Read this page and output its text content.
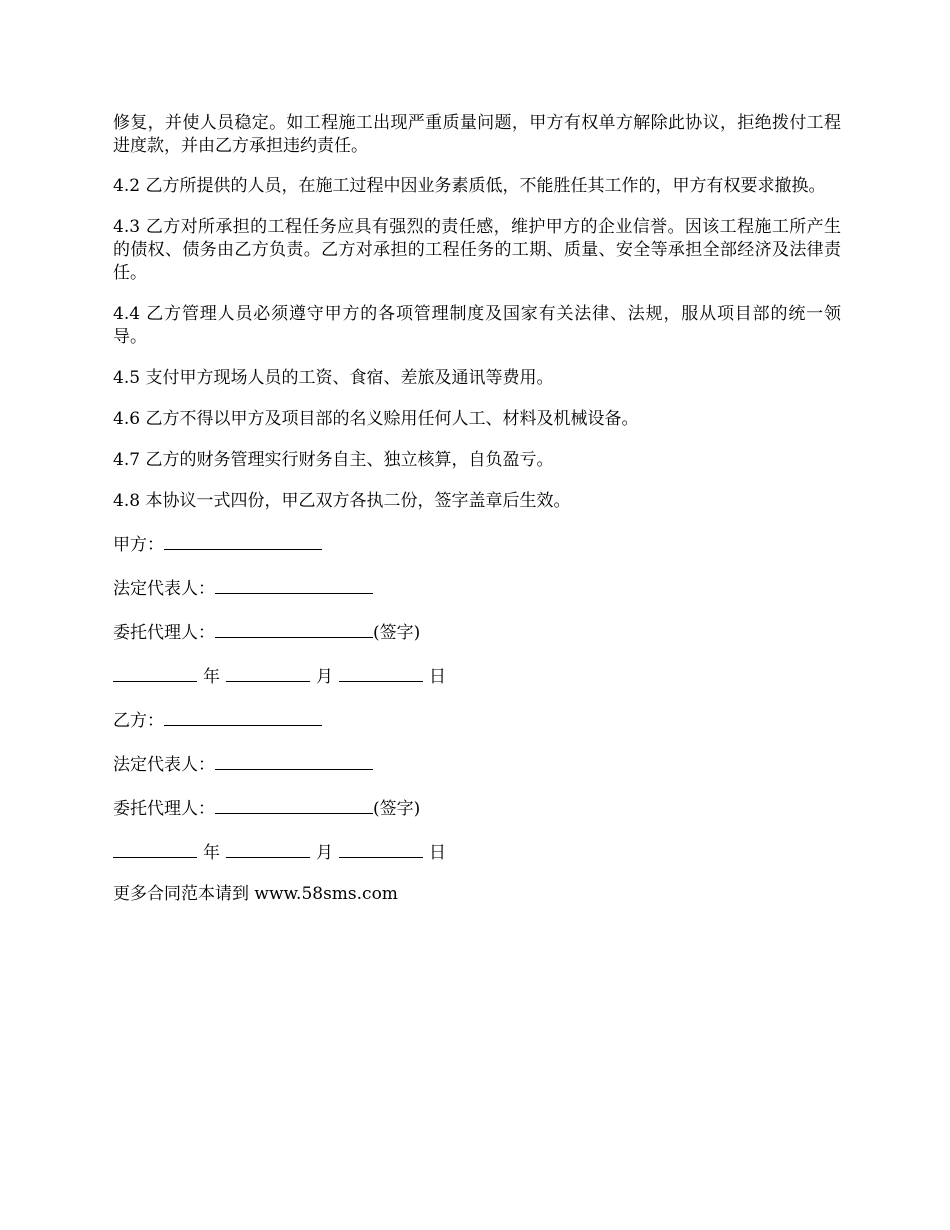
修复，并使人员稳定。如工程施工出现严重质量问题，甲方有权单方解除此协议，拒绝拨付工程进度款，并由乙方承担违约责任。

4.2 乙方所提供的人员，在施工过程中因业务素质低，不能胜任其工作的，甲方有权要求撤换。

4.3 乙方对所承担的工程任务应具有强烈的责任感，维护甲方的企业信誉。因该工程施工所产生的债权、债务由乙方负责。乙方对承担的工程任务的工期、质量、安全等承担全部经济及法律责任。

4.4 乙方管理人员必须遵守甲方的各项管理制度及国家有关法律、法规，服从项目部的统一领导。

4.5 支付甲方现场人员的工资、食宿、差旅及通讯等费用。

4.6 乙方不得以甲方及项目部的名义赊用任何人工、材料及机械设备。

4.7 乙方的财务管理实行财务自主、独立核算，自负盈亏。

4.8 本协议一式四份，甲乙双方各执二份，签字盖章后生效。

甲方：
法定代表人：
委托代理人：	(签字)
年	月	日
乙方：
法定代表人：
委托代理人：	(签字)
年	月	日
更多合同范本请到 www.58sms.com
